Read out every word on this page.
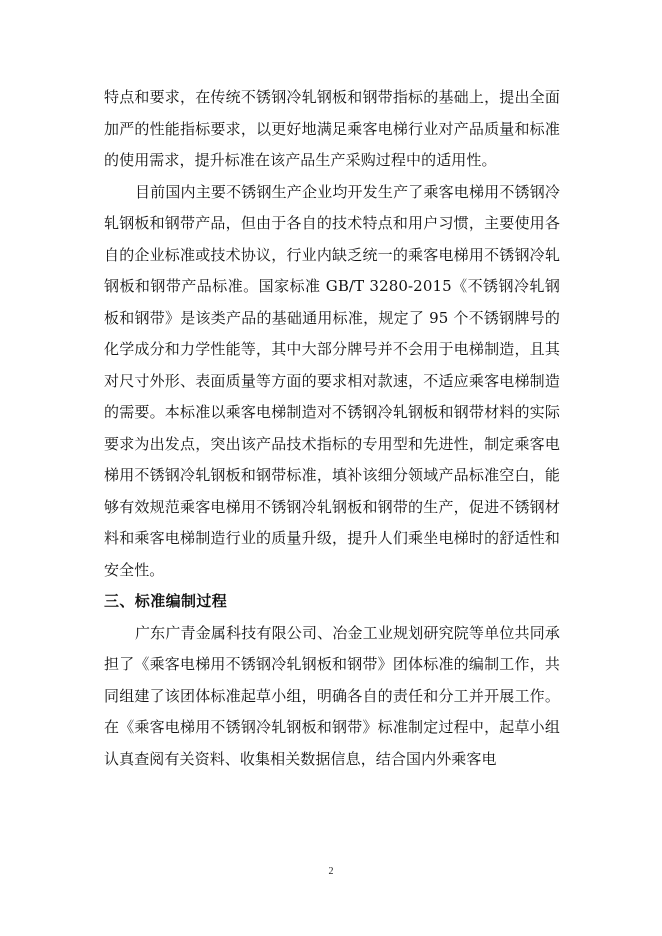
特点和要求，在传统不锈钢冷轧钢板和钢带指标的基础上，提出全面加严的性能指标要求，以更好地满足乘客电梯行业对产品质量和标准的使用需求，提升标准在该产品生产采购过程中的适用性。

目前国内主要不锈钢生产企业均开发生产了乘客电梯用不锈钢冷轧钢板和钢带产品，但由于各自的技术特点和用户习惯，主要使用各自的企业标准或技术协议，行业内缺乏统一的乘客电梯用不锈钢冷轧钢板和钢带产品标准。国家标准 GB/T 3280-2015《不锈钢冷轧钢板和钢带》是该类产品的基础通用标准，规定了 95 个不锈钢牌号的化学成分和力学性能等，其中大部分牌号并不会用于电梯制造，且其对尺寸外形、表面质量等方面的要求相对款速，不适应乘客电梯制造的需要。本标准以乘客电梯制造对不锈钢冷轧钢板和钢带材料的实际要求为出发点，突出该产品技术指标的专用型和先进性，制定乘客电梯用不锈钢冷轧钢板和钢带标准，填补该细分领域产品标准空白，能够有效规范乘客电梯用不锈钢冷轧钢板和钢带的生产，促进不锈钢材料和乘客电梯制造行业的质量升级，提升人们乘坐电梯时的舒适性和安全性。

三、标准编制过程

广东广青金属科技有限公司、冶金工业规划研究院等单位共同承担了《乘客电梯用不锈钢冷轧钢板和钢带》团体标准的编制工作，共同组建了该团体标准起草小组，明确各自的责任和分工并开展工作。在《乘客电梯用不锈钢冷轧钢板和钢带》标准制定过程中，起草小组认真查阅有关资料、收集相关数据信息，结合国内外乘客电

2
